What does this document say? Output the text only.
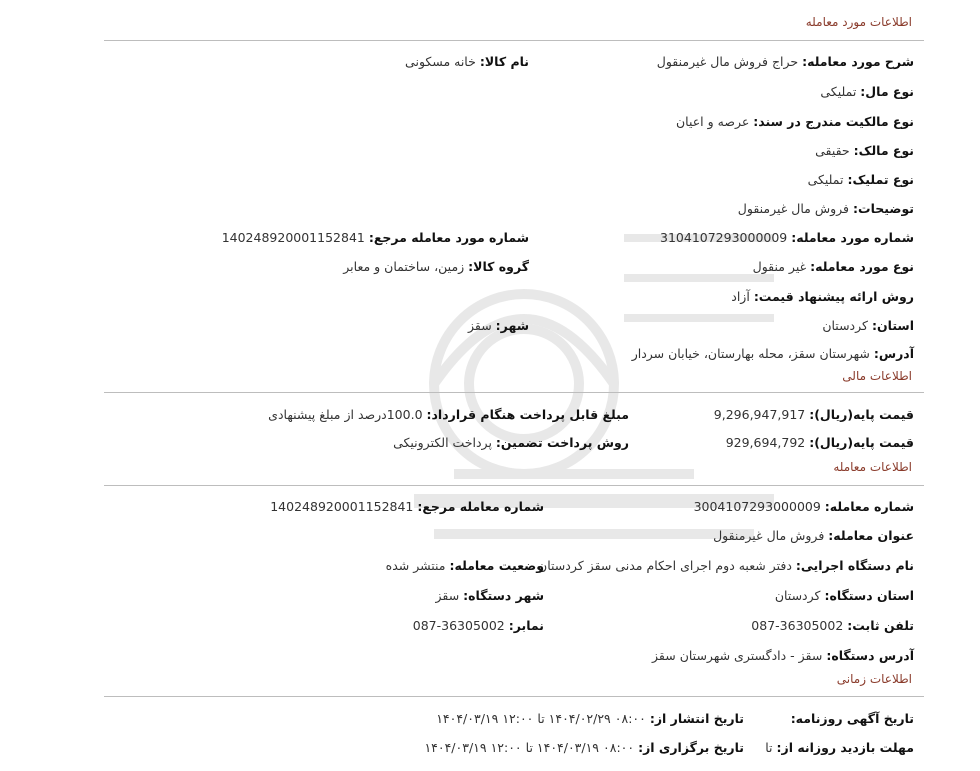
اطلاعات مورد معامله
شرح مورد معامله: حراج فروش مال غیرمنقول
نام کالا: خانه مسکونی
نوع مال: تملیکی
نوع مالکیت مندرج در سند: عرصه و اعیان
نوع مالک: حقیقی
نوع تملیک: تملیکی
توضیحات: فروش مال غیرمنقول
شماره مورد معامله: 3104107293000009
شماره مورد معامله مرجع: 14024892000115284​1
نوع مورد معامله: غیر منقول
گروه کالا: زمین، ساختمان و معابر
روش ارائه پیشنهاد قیمت: آزاد
استان: کردستان
شهر: سقز
آدرس: شهرستان سقز، محله بهارستان، خیابان سردار
اطلاعات مالی
قیمت پایه(ریال): 9,296,947,917
مبلغ قابل پرداخت هنگام قرارداد: 100.0درصد از مبلغ پیشنهادی
قیمت پایه(ریال): 929,694,792
روش پرداخت تضمین: پرداخت الکترونیکی
اطلاعات معامله
شماره معامله: 3004107293000009
شماره معامله مرجع: 14024892000115284​1
عنوان معامله: فروش مال غیرمنقول
نام دستگاه اجرایی: دفتر شعبه دوم اجرای احکام مدنی سقز کردستان
وضعیت معامله: منتشر شده
استان دستگاه: کردستان
شهر دستگاه: سقز
تلفن ثابت: 36305002-087
نمابر: 36305002-087
آدرس دستگاه: سقز - دادگستری شهرستان سقز
اطلاعات زمانی
تاریخ آگهی روزنامه:
تاریخ انتشار از: ۰۸:۰۰ ۱۴۰۴/۰۲/۲۹ تا ۱۲:۰۰ ۱۴۰۴/۰۳/۱۹
مهلت بازدید روزانه از: تا
تاریخ برگزاری از: ۰۸:۰۰ ۱۴۰۴/۰۳/۱۹ تا ۱۲:۰۰ ۱۴۰۴/۰۳/۱۹
